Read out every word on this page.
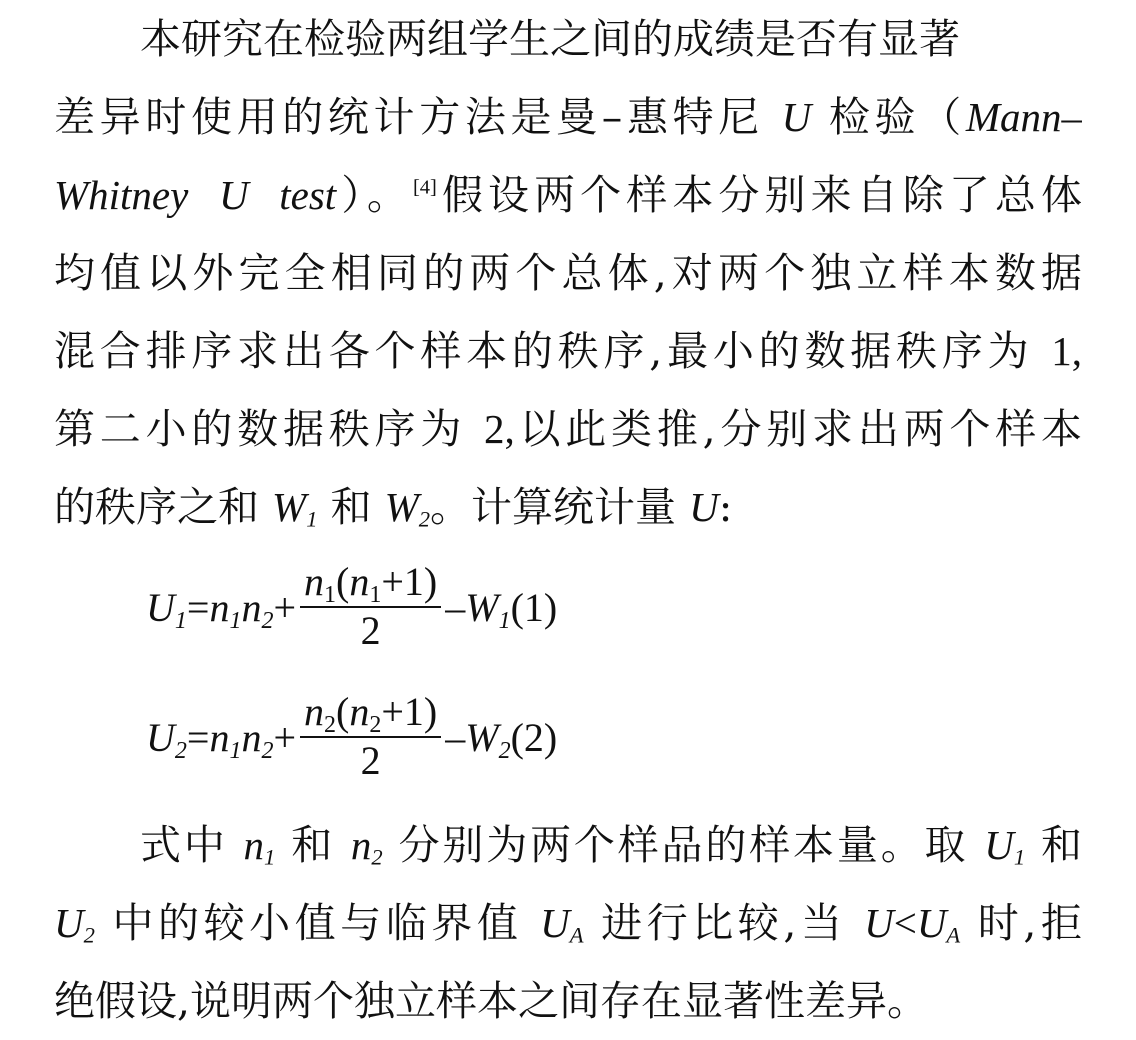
本研究在检验两组学生之间的成绩是否有显著
差异时使用的统计方法是曼–惠特尼 U 检验（Mann–
Whitney  U  test）。[4]假设两个样本分别来自除了总体
均值以外完全相同的两个总体,对两个独立样本数据
混合排序求出各个样本的秩序,最小的数据秩序为 1,
第二小的数据秩序为 2,以此类推,分别求出两个样本
的秩序之和 $W_1$ 和 $W_2$。计算统计量 U:
$U_1 = n_1n_2 + \frac{n_1(n_1+1)}{2} - W_1$ (1)
$U_2 = n_1n_2 + \frac{n_2(n_2+1)}{2} - W_2$ (2)
式中 $n_1$ 和 $n_2$ 分别为两个样品的样本量。取 $U_1$ 和
$U_2$ 中的较小值与临界值 $U_A$ 进行比较,当 $U<U_A$ 时,拒
绝假设,说明两个独立样本之间存在显著性差异。
